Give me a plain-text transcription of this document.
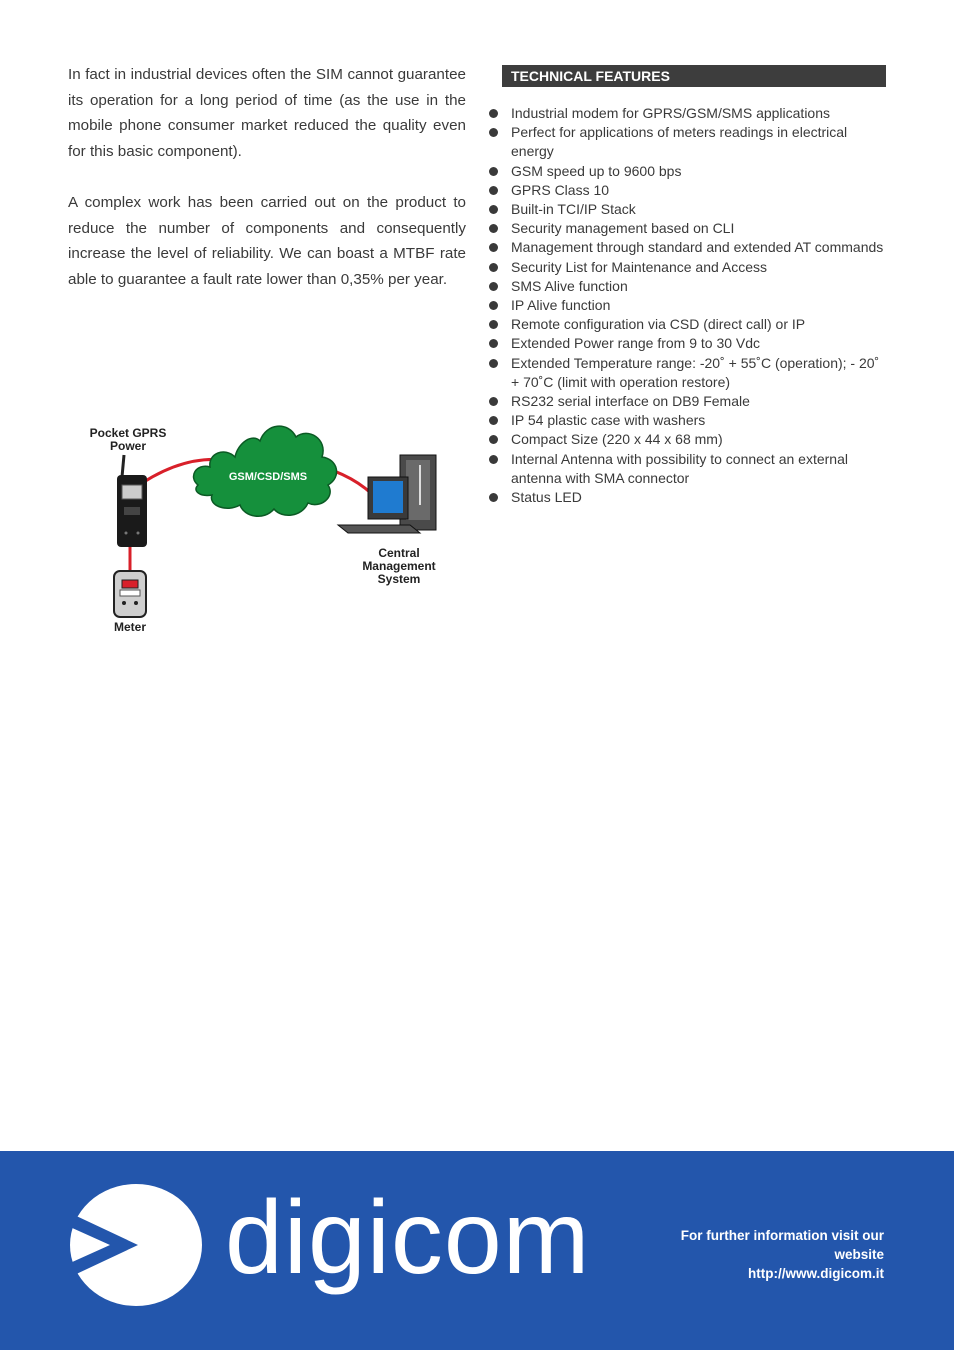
In fact in industrial devices often the SIM cannot guarantee its operation for a long period of time (as the use in the mobile phone consumer market reduced the quality even for this basic component).

A complex work has been carried out on the product to reduce the number of components and consequently increase the level of reliability. We can boast a MTBF rate able to guarantee a fault rate lower than 0,35% per year.

TECHNICAL FEATURES
Industrial modem for GPRS/GSM/SMS applications
Perfect for applications of meters readings in electrical energy
GSM speed up to 9600 bps
GPRS Class 10
Built-in TCI/IP Stack
Security management based on CLI
Management through standard and extended AT commands
Security List for Maintenance and Access
SMS Alive function
IP Alive function
Remote configuration via CSD (direct call) or IP
Extended Power range from 9 to 30 Vdc
Extended Temperature range: -20˚ + 55˚C (operation); - 20˚ + 70˚C (limit with operation restore)
RS232 serial interface on DB9 Female
IP 54 plastic case with washers
Compact Size (220 x 44 x 68 mm)
Internal Antenna with possibility to connect an external antenna with SMA connector
Status LED
Pocket GPRS
Power
GSM/CSD/SMS
Central
Management
System
Meter
digicom	For further information visit our
website
http://www.digicom.it
